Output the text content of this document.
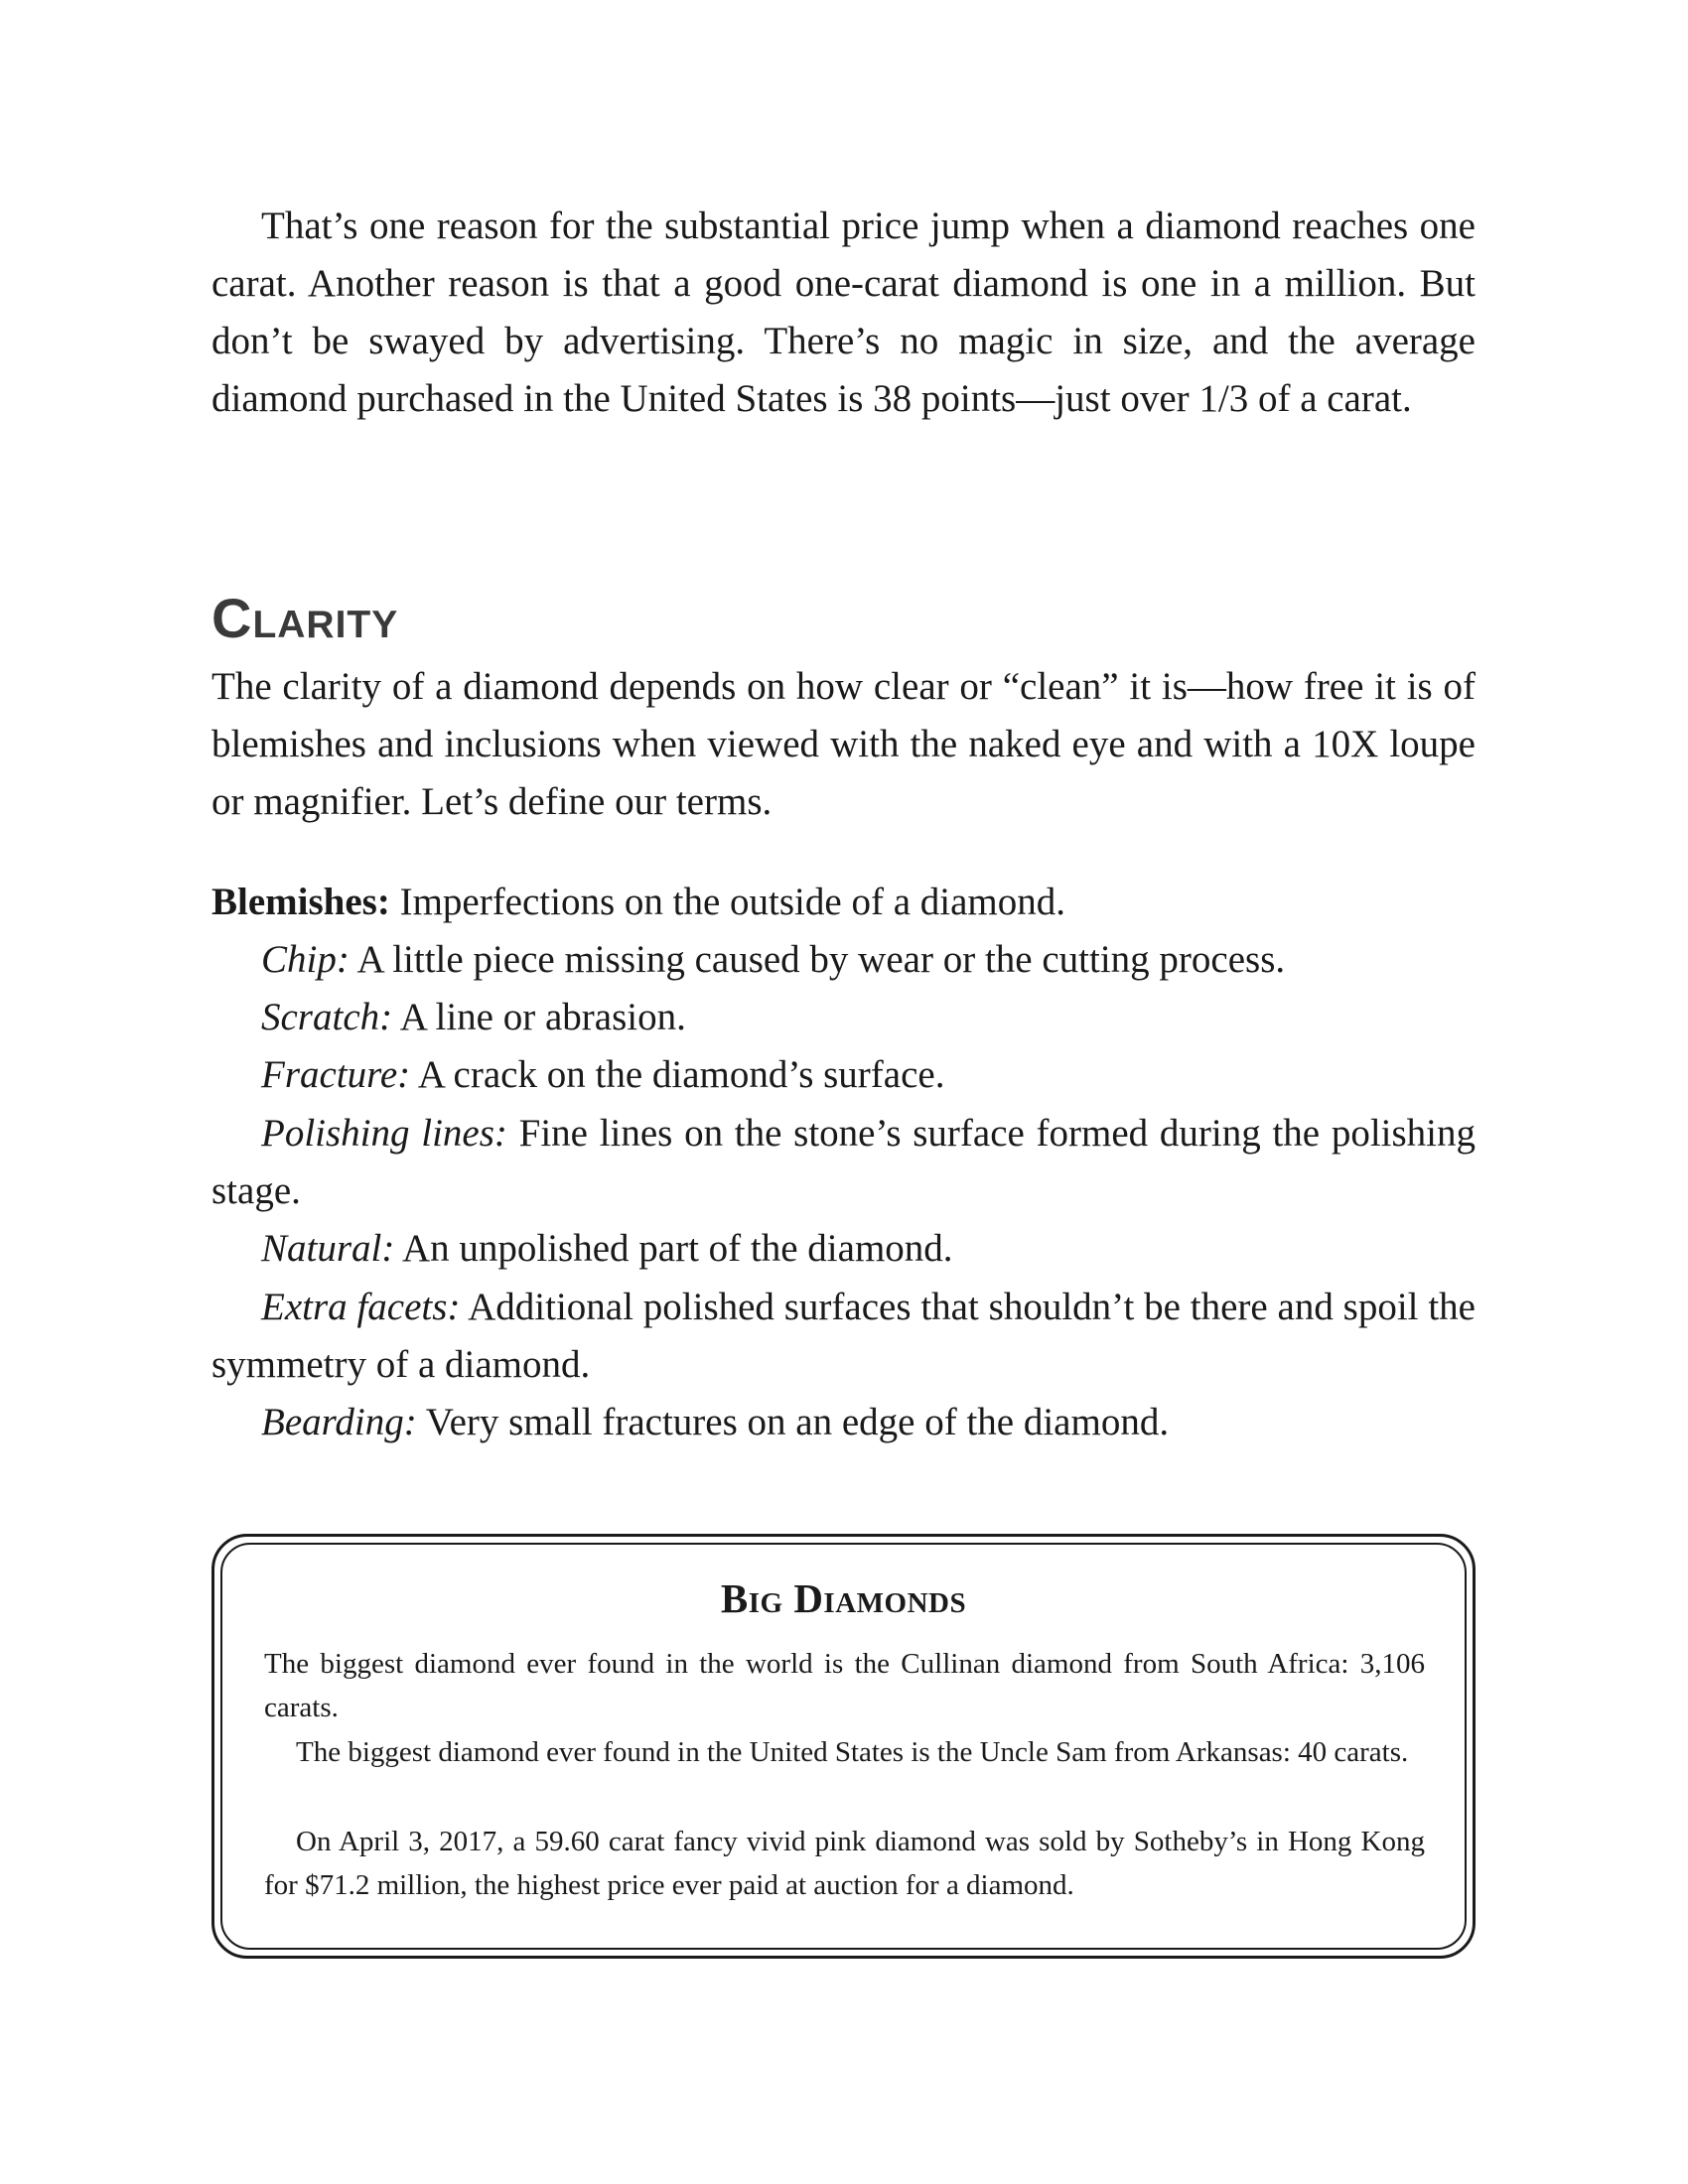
That’s one reason for the substantial price jump when a diamond reaches one carat. Another reason is that a good one-carat diamond is one in a million. But don’t be swayed by advertising. There’s no magic in size, and the average diamond purchased in the United States is 38 points—just over 1/3 of a carat.

Clarity

The clarity of a diamond depends on how clear or “clean” it is—how free it is of blemishes and inclusions when viewed with the naked eye and with a 10X loupe or magnifier. Let’s define our terms.

Blemishes: Imperfections on the outside of a diamond.

Chip: A little piece missing caused by wear or the cutting process.

Scratch: A line or abrasion.

Fracture: A crack on the diamond’s surface.

Polishing lines: Fine lines on the stone’s surface formed during the polishing stage.

Natural: An unpolished part of the diamond.

Extra facets: Additional polished surfaces that shouldn’t be there and spoil the symmetry of a diamond.

Bearding: Very small fractures on an edge of the diamond.

Big Diamonds

The biggest diamond ever found in the world is the Cullinan diamond from South Africa: 3,106 carats.

The biggest diamond ever found in the United States is the Uncle Sam from Arkansas: 40 carats.

On April 3, 2017, a 59.60 carat fancy vivid pink diamond was sold by Sotheby’s in Hong Kong for $71.2 million, the highest price ever paid at auction for a diamond.
